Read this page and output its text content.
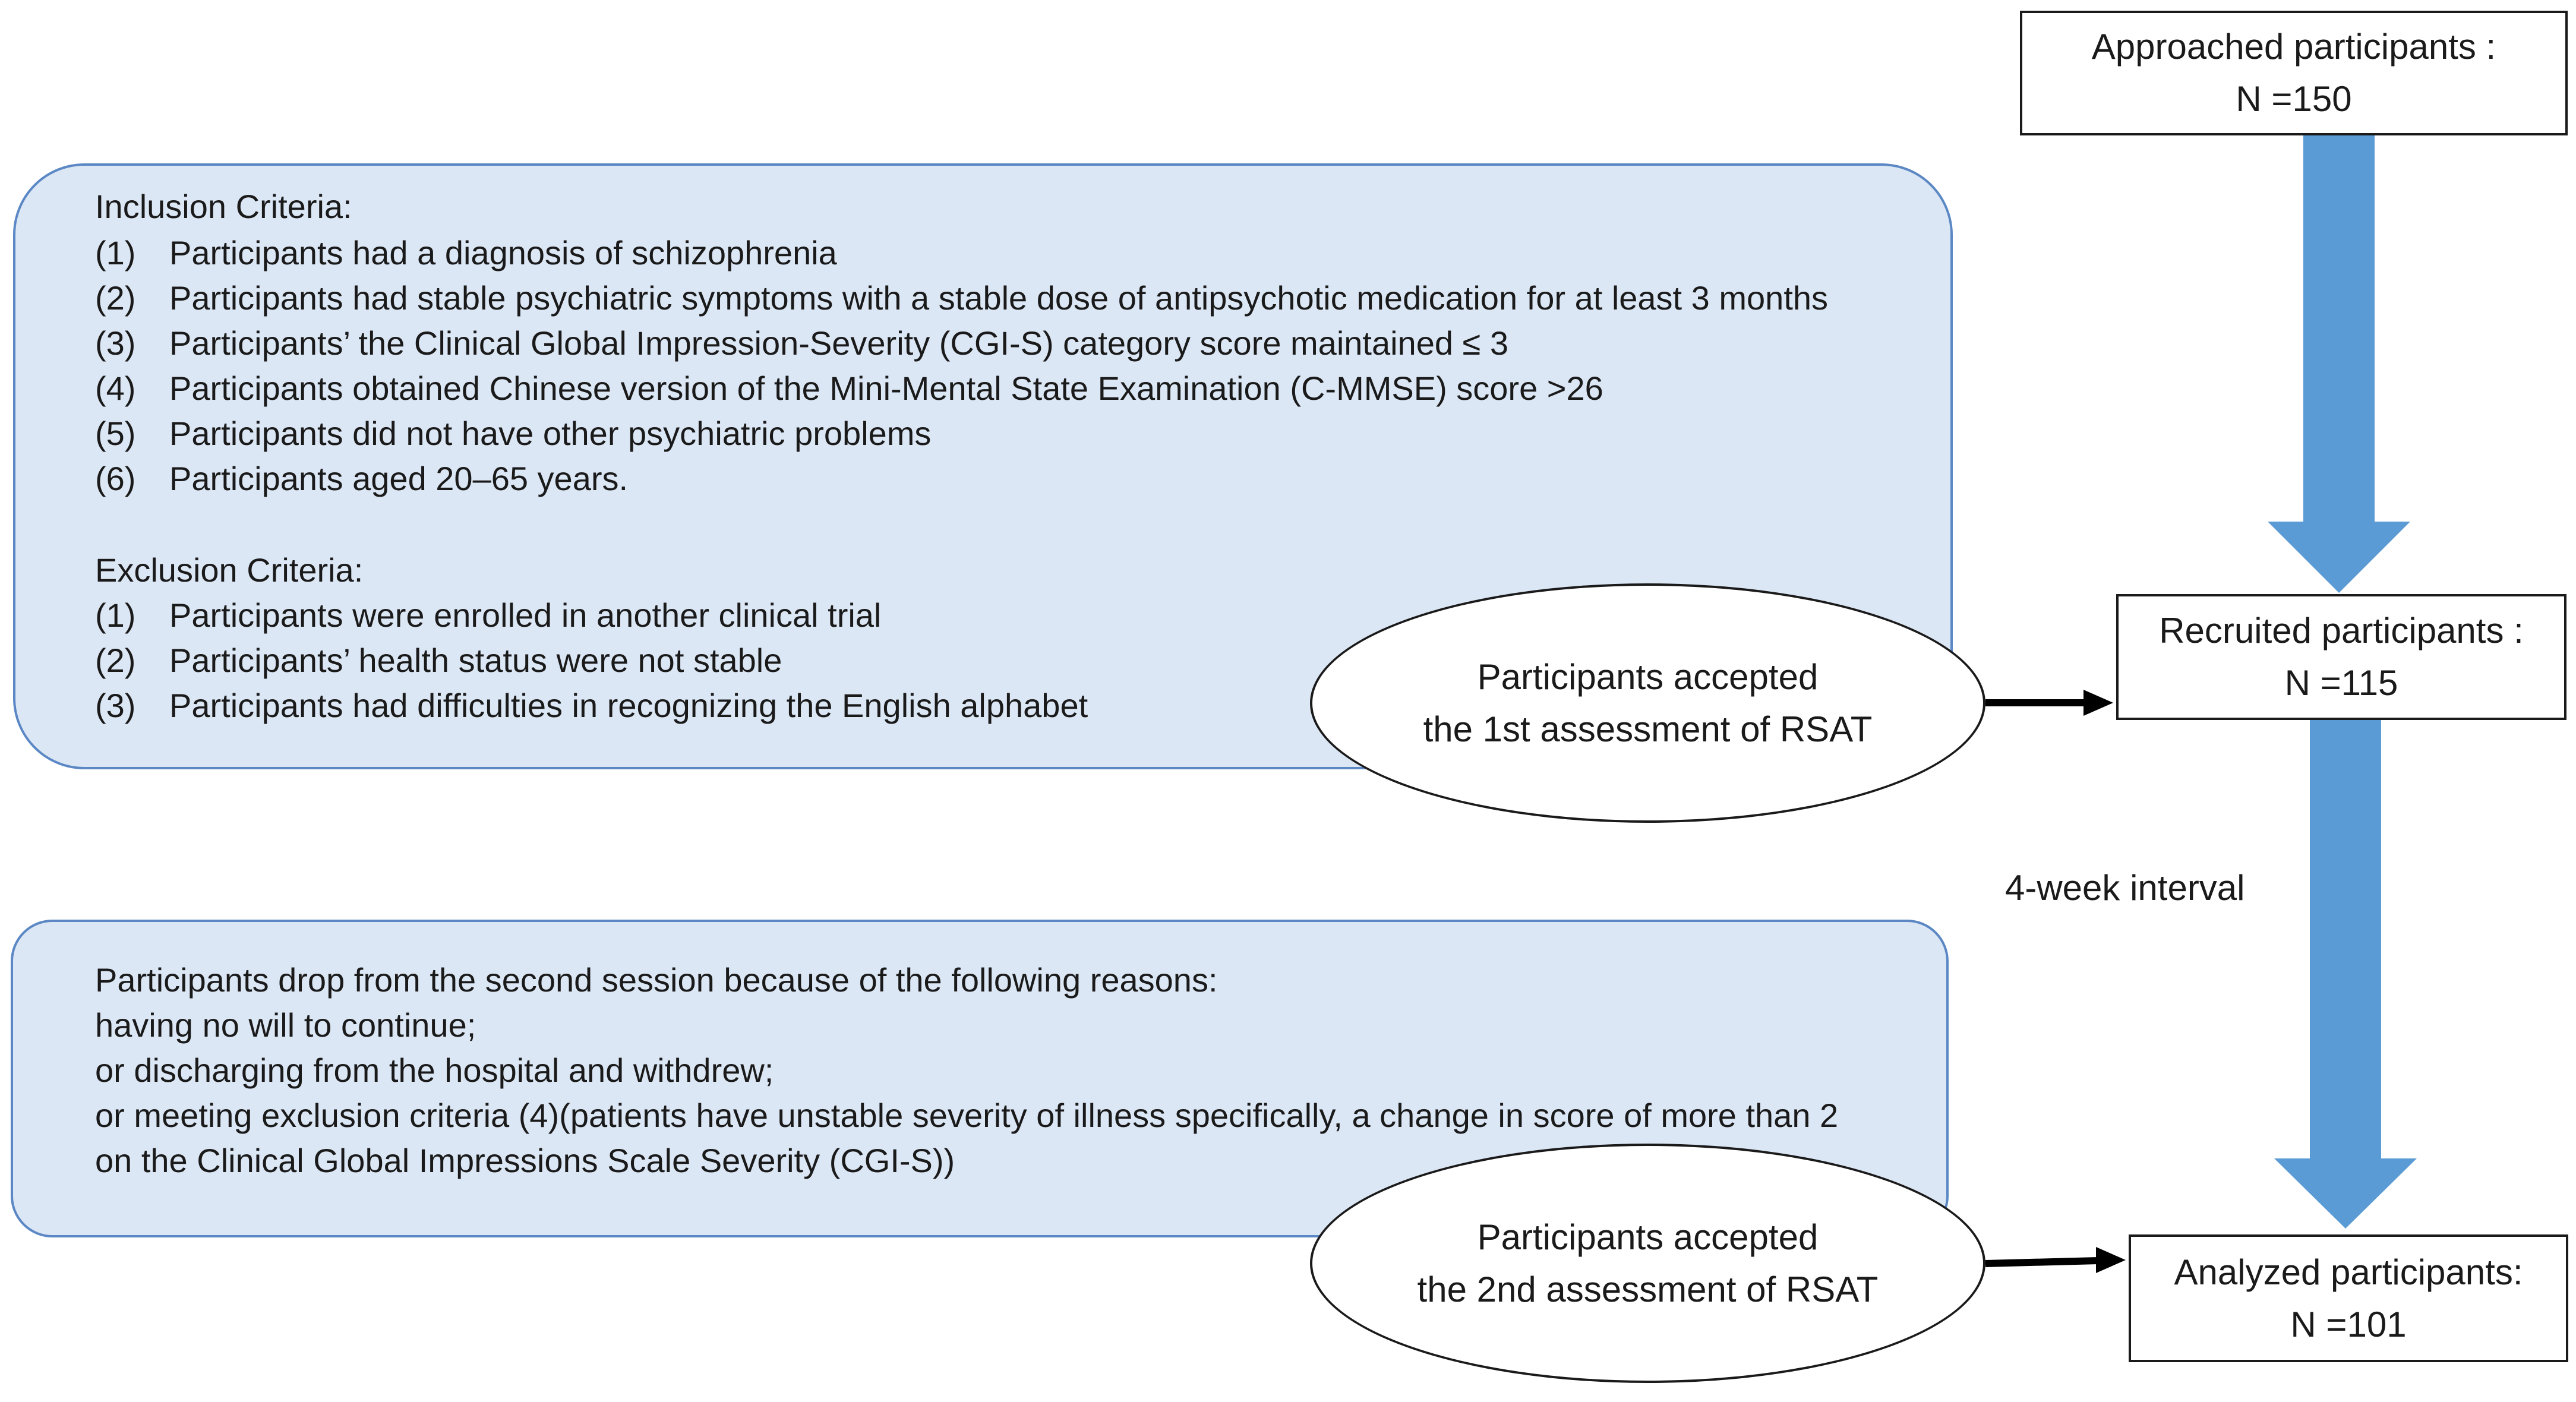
Inclusion Criteria:
(1) Participants had a diagnosis of schizophrenia
(2) Participants had stable psychiatric symptoms with a stable dose of antipsychotic medication for at least 3 months
(3) Participants’ the Clinical Global Impression-Severity (CGI-S) category score maintained ≤ 3
(4) Participants obtained Chinese version of the Mini-Mental State Examination (C-MMSE) score >26
(5) Participants did not have other psychiatric problems
(6) Participants aged 20–65 years.
Exclusion Criteria:
(1) Participants were enrolled in another clinical trial
(2) Participants’ health status were not stable
(3) Participants had difficulties in recognizing the English alphabet
Participants drop from the second session because of the following reasons:
having no will to continue;
or discharging from the hospital and withdrew;
or meeting exclusion criteria (4)(patients have unstable severity of illness specifically, a change in score of more than 2
on the Clinical Global Impressions Scale Severity (CGI-S))
Participants accepted
the 1st assessment of RSAT
Participants accepted
the 2nd assessment of RSAT
Approached participants :
N =150
Recruited participants :
N =115
Analyzed participants:
N =101
4-week interval
